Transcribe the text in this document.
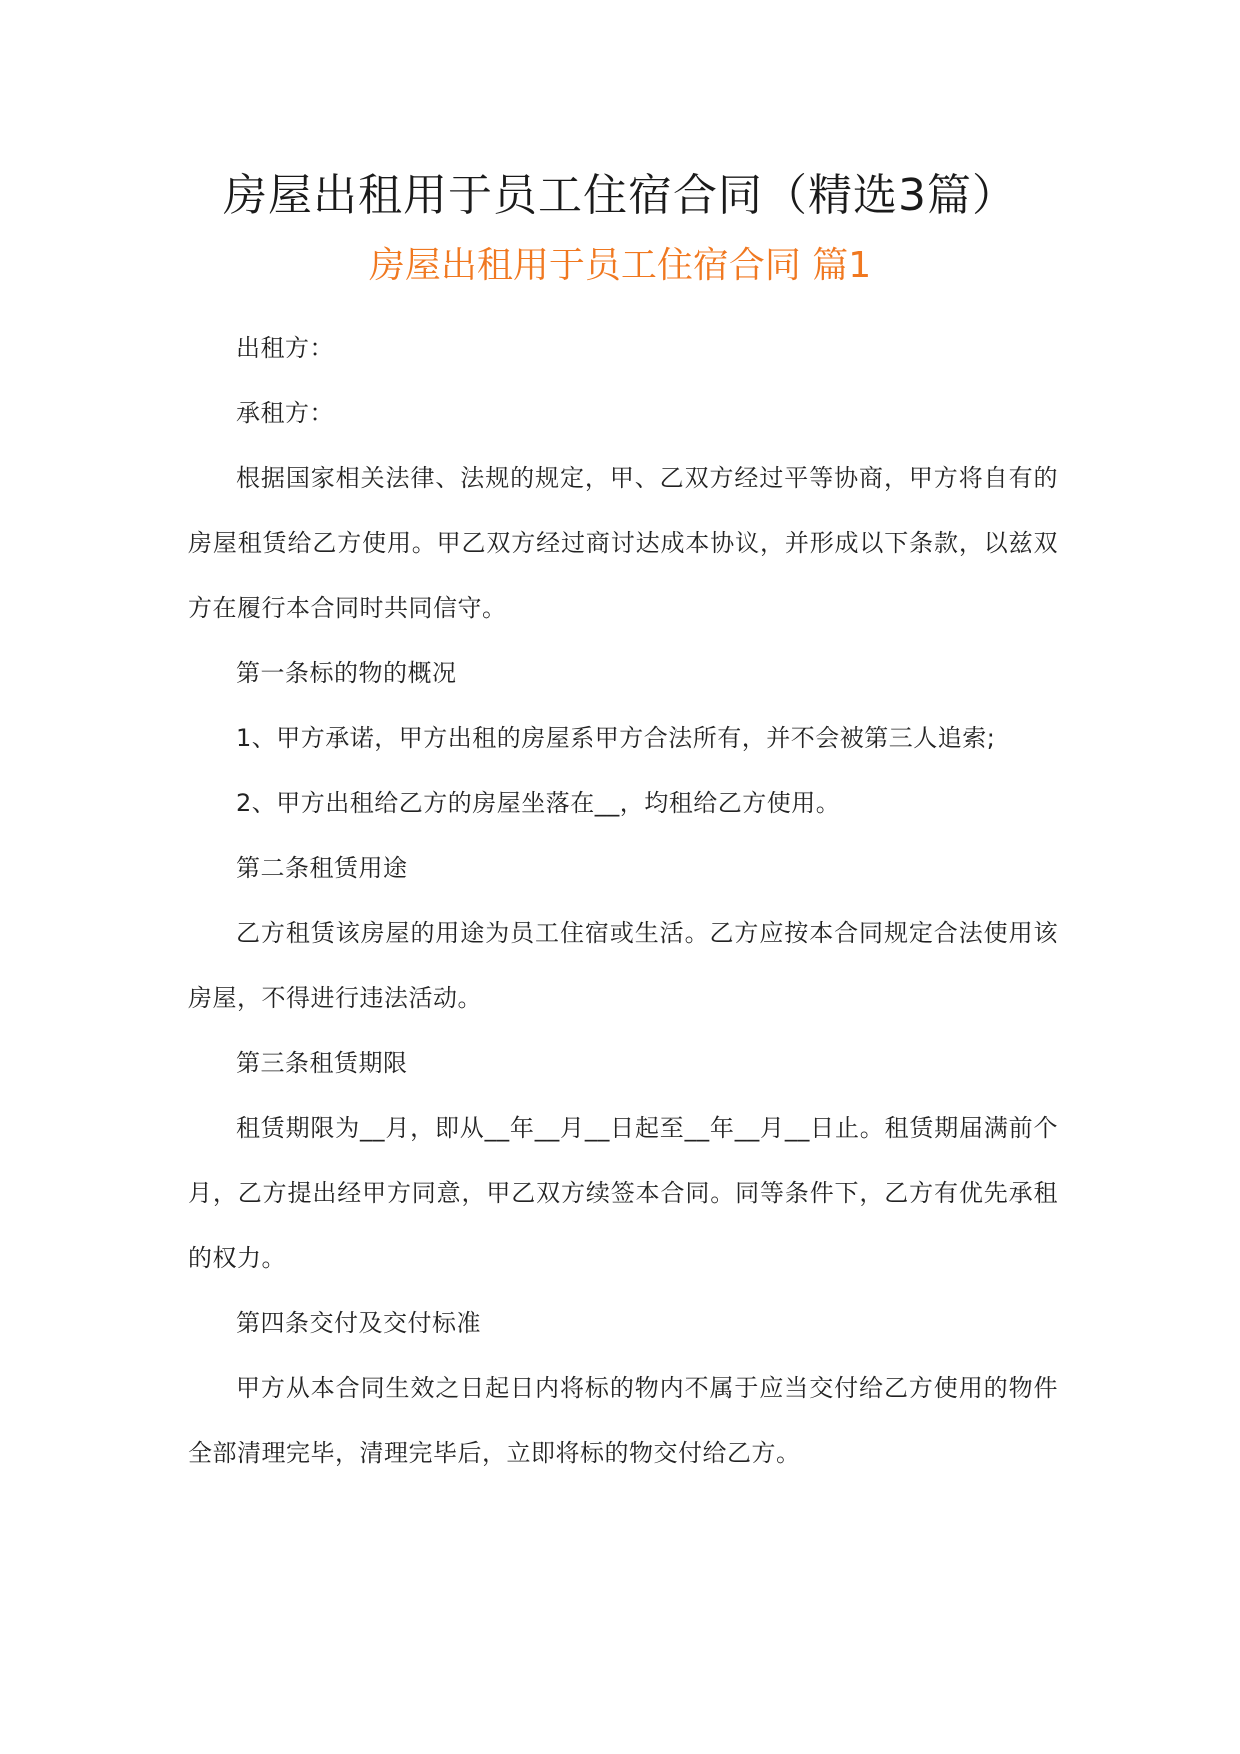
房屋出租用于员工住宿合同（精选3篇）
房屋出租用于员工住宿合同 篇1

出租方：

承租方：

根据国家相关法律、法规的规定，甲、乙双方经过平等协商，甲方将自有的房屋租赁给乙方使用。甲乙双方经过商讨达成本协议，并形成以下条款，以兹双方在履行本合同时共同信守。

第一条标的物的概况

1、甲方承诺，甲方出租的房屋系甲方合法所有，并不会被第三人追索;

2、甲方出租给乙方的房屋坐落在__，均租给乙方使用。

第二条租赁用途

乙方租赁该房屋的用途为员工住宿或生活。乙方应按本合同规定合法使用该房屋，不得进行违法活动。

第三条租赁期限

租赁期限为__月，即从__年__月__日起至__年__月__日止。租赁期届满前个月，乙方提出经甲方同意，甲乙双方续签本合同。同等条件下，乙方有优先承租的权力。

第四条交付及交付标准

甲方从本合同生效之日起日内将标的物内不属于应当交付给乙方使用的物件全部清理完毕，清理完毕后，立即将标的物交付给乙方。
